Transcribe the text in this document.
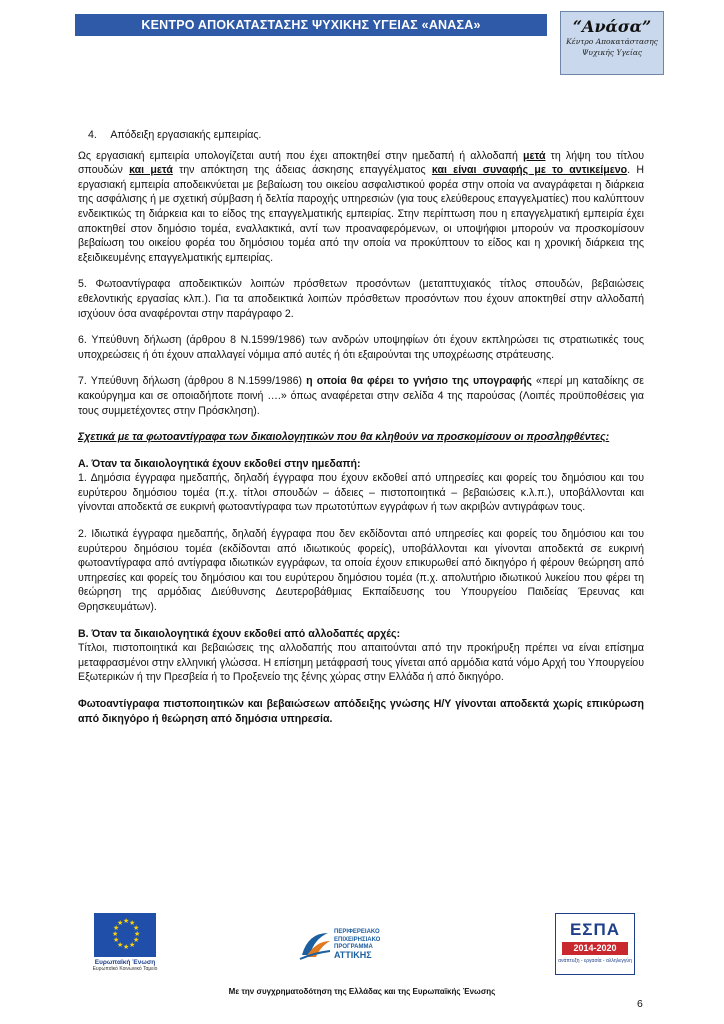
ΚΕΝΤΡΟ ΑΠΟΚΑΤΑΣΤΑΣΗΣ ΨΥΧΙΚΗΣ ΥΓΕΙΑΣ «ΑΝΑΣΑ»	“Ανάσα”
Κέντρο Αποκατάστασης
Ψυχικής Υγείας

4. Απόδειξη εργασιακής εμπειρίας.

Ως εργασιακή εμπειρία υπολογίζεται αυτή που έχει αποκτηθεί στην ημεδαπή ή αλλοδαπή μετά τη λήψη του τίτλου σπουδών και μετά την απόκτηση της άδειας άσκησης επαγγέλματος και είναι συναφής με το αντικείμενο. Η εργασιακή εμπειρία αποδεικνύεται με βεβαίωση του οικείου ασφαλιστικού φορέα στην οποία να αναγράφεται η διάρκεια της ασφάλισης ή με σχετική σύμβαση ή δελτία παροχής υπηρεσιών (για τους ελεύθερους επαγγελματίες) που καλύπτουν ενδεικτικώς τη διάρκεια και το είδος της επαγγελματικής εμπειρίας. Στην περίπτωση που η επαγγελματική εμπειρία έχει αποκτηθεί στον δημόσιο τομέα, εναλλακτικά, αντί των προαναφερόμενων, οι υποψήφιοι μπορούν να προσκομίσουν βεβαίωση του οικείου φορέα του δημόσιου τομέα από την οποία να προκύπτουν το είδος και η χρονική διάρκεια της εξειδικευμένης επαγγελματικής εμπειρίας.

5. Φωτοαντίγραφα αποδεικτικών λοιπών πρόσθετων προσόντων (μεταπτυχιακός τίτλος σπουδών, βεβαιώσεις εθελοντικής εργασίας κλπ.). Για τα αποδεικτικά λοιπών πρόσθετων προσόντων που έχουν αποκτηθεί στην αλλοδαπή ισχύουν όσα αναφέρονται στην παράγραφο 2.

6. Υπεύθυνη δήλωση (άρθρου 8 Ν.1599/1986) των ανδρών υποψηφίων ότι έχουν εκπληρώσει τις στρατιωτικές τους υποχρεώσεις ή ότι έχουν απαλλαγεί νόμιμα από αυτές ή ότι εξαιρούνται της υποχρέωσης στράτευσης.

7. Υπεύθυνη δήλωση (άρθρου 8 Ν.1599/1986) η οποία θα φέρει το γνήσιο της υπογραφής «περί μη καταδίκης σε κακούργημα και σε οποιαδήποτε ποινή ….» όπως αναφέρεται στην σελίδα 4 της παρούσας (Λοιπές προϋποθέσεις για τους συμμετέχοντες στην Πρόσκληση).

Σχετικά με τα φωτοαντίγραφα των δικαιολογητικών που θα κληθούν να προσκομίσουν οι προσληφθέντες:

Α. Όταν τα δικαιολογητικά έχουν εκδοθεί στην ημεδαπή:

1. Δημόσια έγγραφα ημεδαπής, δηλαδή έγγραφα που έχουν εκδοθεί από υπηρεσίες και φορείς του δημόσιου και του ευρύτερου δημόσιου τομέα (π.χ. τίτλοι σπουδών – άδειες – πιστοποιητικά – βεβαιώσεις κ.λ.π.), υποβάλλονται και γίνονται αποδεκτά σε ευκρινή φωτοαντίγραφα των πρωτοτύπων εγγράφων ή των ακριβών αντιγράφων τους.

2. Ιδιωτικά έγγραφα ημεδαπής, δηλαδή έγγραφα που δεν εκδίδονται από υπηρεσίες και φορείς του δημόσιου και του ευρύτερου δημόσιου τομέα (εκδίδονται από ιδιωτικούς φορείς), υποβάλλονται και γίνονται αποδεκτά σε ευκρινή φωτοαντίγραφα από αντίγραφα ιδιωτικών εγγράφων, τα οποία έχουν επικυρωθεί από δικηγόρο ή φέρουν θεώρηση από υπηρεσίες και φορείς του δημόσιου και του ευρύτερου δημόσιου τομέα (π.χ. απολυτήριο ιδιωτικού λυκείου που φέρει τη θεώρηση της αρμόδιας Διεύθυνσης Δευτεροβάθμιας Εκπαίδευσης του Υπουργείου Παιδείας Έρευνας και Θρησκευμάτων).

Β. Όταν τα δικαιολογητικά έχουν εκδοθεί από αλλοδαπές αρχές:

Τίτλοι, πιστοποιητικά και βεβαιώσεις της αλλοδαπής που απαιτούνται από την προκήρυξη πρέπει να είναι επίσημα μεταφρασμένοι στην ελληνική γλώσσα. Η επίσημη μετάφρασή τους γίνεται από αρμόδια κατά νόμο Αρχή του Υπουργείου Εξωτερικών ή την Πρεσβεία ή το Προξενείο της ξένης χώρας στην Ελλάδα ή από δικηγόρο.

Φωτοαντίγραφα πιστοποιητικών και βεβαιώσεων απόδειξης γνώσης Η/Υ γίνονται αποδεκτά χωρίς επικύρωση από δικηγόρο ή θεώρηση από δημόσια υπηρεσία.

★ ★
★
★
★
★
★
★
★
★
★
★
Ευρωπαϊκή Ένωση
Ευρωπαϊκό Κοινωνικό Ταμείο
ΠΕΡΙΦΕΡΕΙΑΚΟ
ΕΠΙΧΕΙΡΗΣΙΑΚΟ
ΠΡΟΓΡΑΜΜΑ
ΑΤΤΙΚΗΣ
ΕΣΠΑ
2014-2020
ανάπτυξη - εργασία - αλληλεγγύη
Με την συγχρηματοδότηση της Ελλάδας και της Ευρωπαϊκής Ένωσης
6
